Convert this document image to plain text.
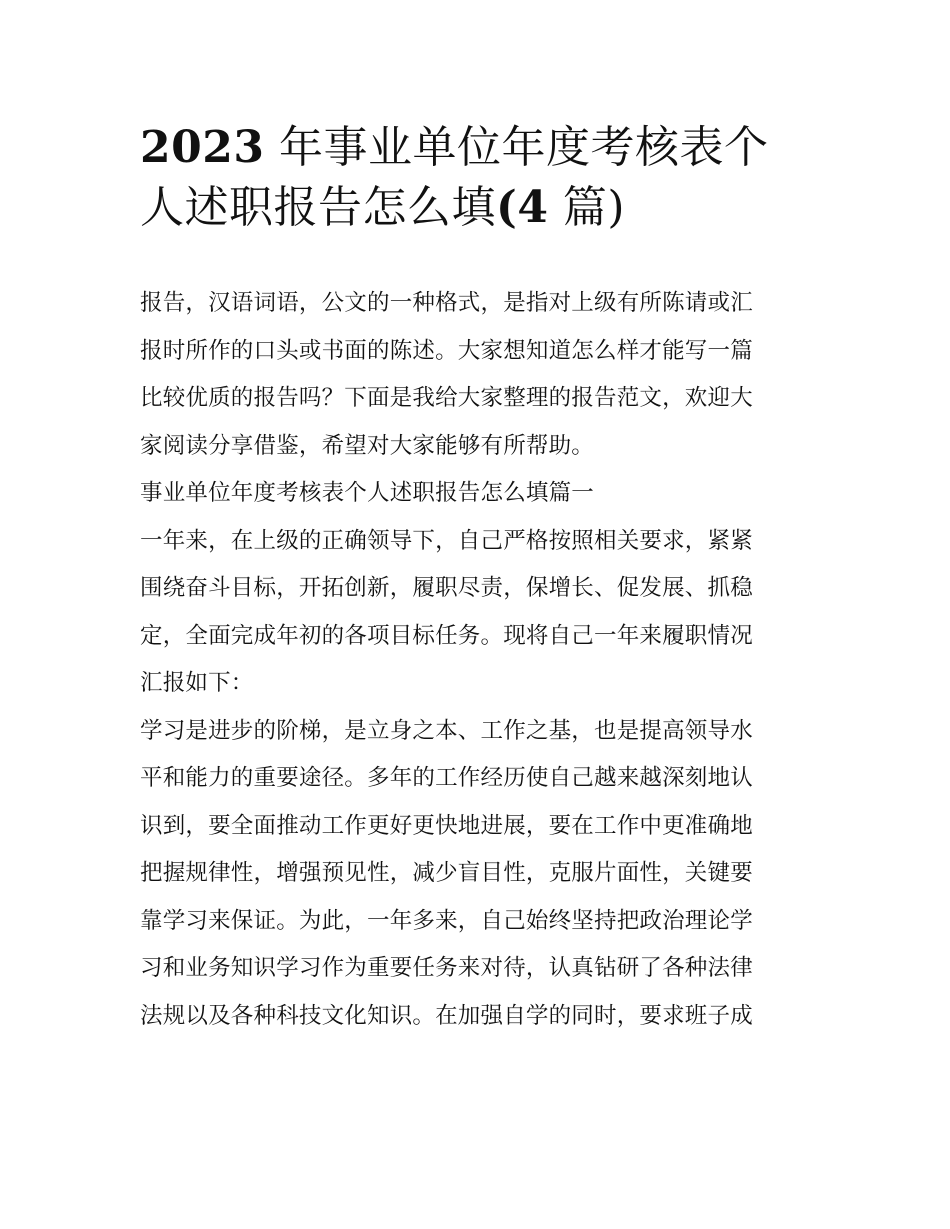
2023 年事业单位年度考核表个
人述职报告怎么填(4 篇)
报告，汉语词语，公文的一种格式，是指对上级有所陈请或汇
报时所作的口头或书面的陈述。大家想知道怎么样才能写一篇
比较优质的报告吗？下面是我给大家整理的报告范文，欢迎大
家阅读分享借鉴，希望对大家能够有所帮助。
事业单位年度考核表个人述职报告怎么填篇一
一年来，在上级的正确领导下，自己严格按照相关要求，紧紧
围绕奋斗目标，开拓创新，履职尽责，保增长、促发展、抓稳
定，全面完成年初的各项目标任务。现将自己一年来履职情况
汇报如下：
学习是进步的阶梯，是立身之本、工作之基，也是提高领导水
平和能力的重要途径。多年的工作经历使自己越来越深刻地认
识到，要全面推动工作更好更快地进展，要在工作中更准确地
把握规律性，增强预见性，减少盲目性，克服片面性，关键要
靠学习来保证。为此，一年多来，自己始终坚持把政治理论学
习和业务知识学习作为重要任务来对待，认真钻研了各种法律
法规以及各种科技文化知识。在加强自学的同时，要求班子成
